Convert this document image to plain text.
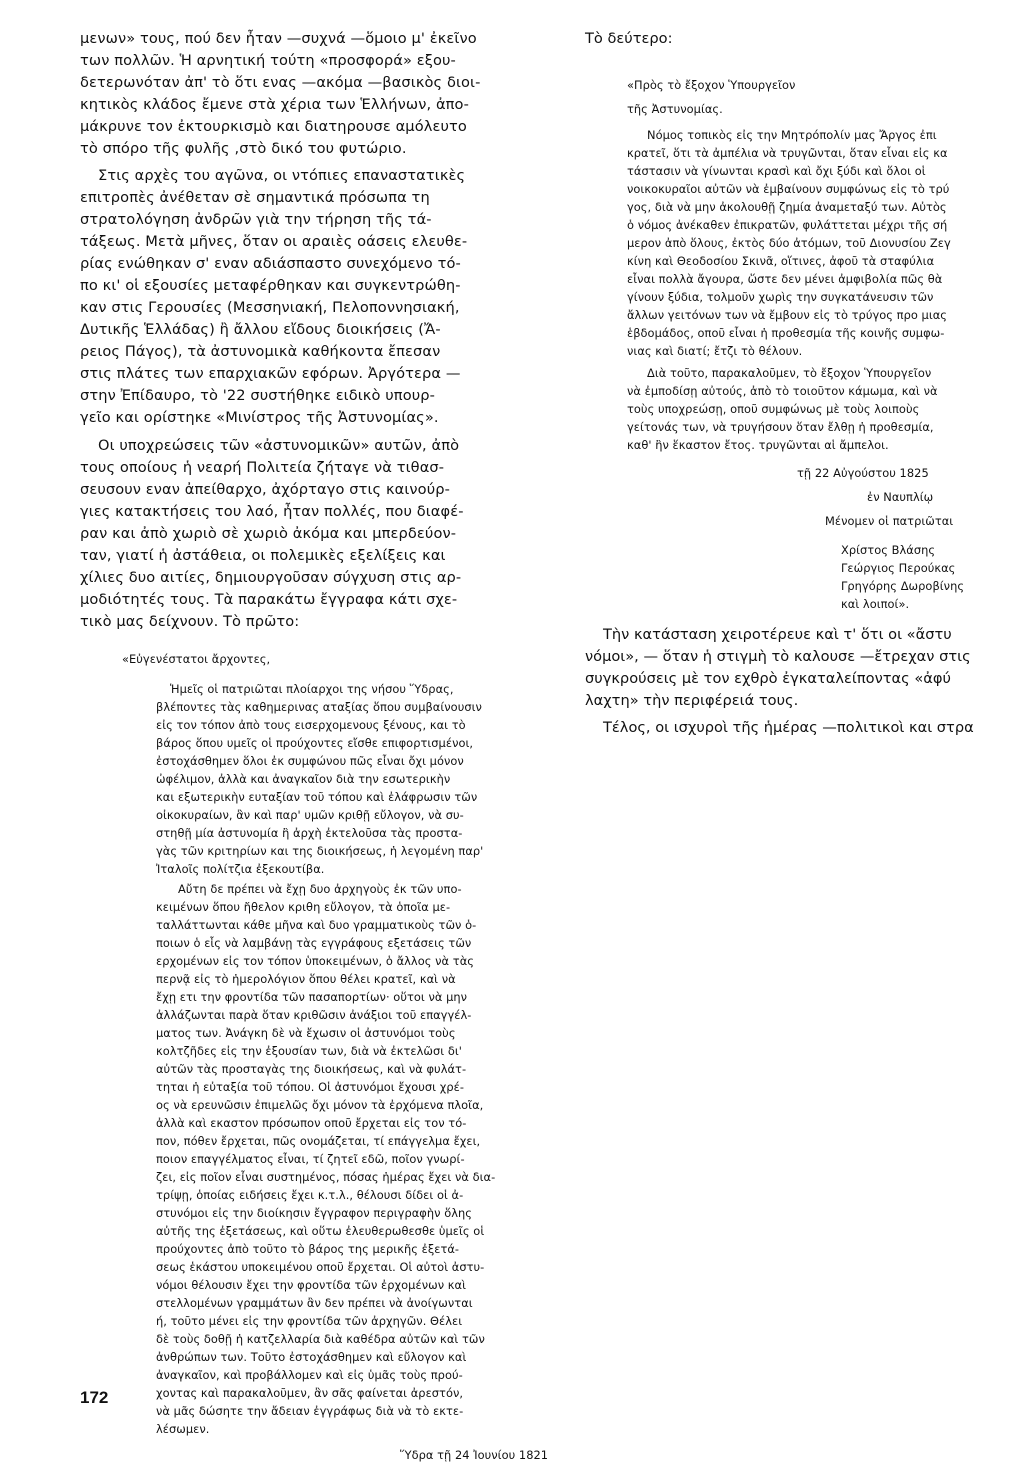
μενων» τους, πού δεν ἦταν —συχνά —ὅμοιο μ' ἐκεῖνο
των πολλῶν. Ἡ αρνητική τούτη «προσφορά» εξου-
δετερωνόταν ἀπ' τὸ ὅτι ενας —ακόμα —βασικὸς διοι-
κητικὸς κλάδος ἔμενε στὰ χέρια των Ἑλλήνων, ἀπο-
μάκρυνε τον ἐκτουρκισμὸ και διατηρουσε αμόλευτο
τὸ σπόρο τῆς φυλῆς ,στὸ δικό του φυτώριο.
Στις αρχὲς του αγῶνα, οι ντόπιες επαναστατικὲς
επιτροπὲς ἀνέθεταν σὲ σημαντικά πρόσωπα τη
στρατολόγηση ἀνδρῶν γιὰ την τήρηση τῆς τά-
τάξεως. Μετὰ μῆνες, ὅταν οι αραιὲς οάσεις ελευθε-
ρίας ενώθηκαν σ' εναν αδιάσπαστο συνεχόμενο τό-
πο κι' οἱ εξουσίες μεταφέρθηκαν και συγκεντρώθη-
καν στις Γερουσίες (Μεσσηνιακή, Πελοποννησιακή,
Δυτικῆς Ἑλλάδας) ἢ ἄλλου εἴδους διοικήσεις (Ἄ-
ρειος Πάγος), τὰ ἀστυνομικὰ καθήκοντα ἔπεσαν
στις πλάτες των επαρχιακῶν εφόρων. Ἀργότερα —
στην Ἐπίδαυρο, τὸ '22 συστήθηκε ειδικὸ υπουρ-
γεῖο και ορίστηκε «Μινίστρος τῆς Ἀστυνομίας».
Οι υποχρεώσεις τῶν «ἀστυνομικῶν» αυτῶν, ἀπὸ
τους οποίους ἡ νεαρή Πολιτεία ζήταγε νὰ τιθασ-
σευσουν εναν ἀπείθαρχο, ἀχόρταγο στις καινούρ-
γιες κατακτήσεις του λαό, ἦταν πολλές, που διαφέ-
ραν και ἀπὸ χωριὸ σὲ χωριὸ ἀκόμα και μπερδεύον-
ταν, γιατί ἡ ἀστάθεια, οι πολεμικὲς εξελίξεις και
χίλιες δυο αιτίες, δημιουργοῦσαν σύγχυση στις αρ-
μοδιότητές τους. Τὰ παρακάτω ἔγγραφα κάτι σχε-
τικὸ μας δείχνουν. Τὸ πρῶτο:
«Εὐγενέστατοι ἄρχοντες,
Ἡμεῖς οἱ πατριῶται πλοίαρχοι της νήσου Ὕδρας,
βλέποντες τὰς καθημερινας αταξίας ὅπου συμβαίνουσιν
εἰς τον τόπον ἀπὸ τους εισερχομενους ξένους, και τὸ
βάρος ὅπου υμεῖς οἱ προύχοντες εἴσθε επιφορτισμένοι,
ἐστοχάσθημεν ὅλοι ἐκ συμφώνου πῶς εἶναι ὄχι μόνον
ὠφέλιμον, ἀλλὰ και ἀναγκαῖον διὰ την εσωτερικὴν
και εξωτερικὴν ευταξίαν τοῦ τόπου καὶ ἐλάφρωσιν τῶν
οἰκοκυραίων, ἂν καὶ παρ' υμῶν κριθῇ εὔλογον, νὰ συ-
στηθῇ μία ἀστυνομία ἢ ἀρχὴ ἐκτελοῦσα τὰς προστα-
γὰς τῶν κριτηρίων και της διοικήσεως, ἡ λεγομένη παρ'
Ἰταλοῖς πολίτζια ἐξεκουτίβα.
Αὔτη δε πρέπει νὰ ἔχῃ δυο ἀρχηγοὺς ἐκ τῶν υπο-
κειμένων ὅπου ἤθελον κριθη εὔλογον, τὰ ὁποῖα με-
ταλλάττωνται κάθε μῆνα καὶ δυο γραμματικοὺς τῶν ὁ-
ποιων ὁ εἷς νὰ λαμβάνῃ τὰς εγγράφους εξετάσεις τῶν
ερχομένων εἰς τον τόπον ὑποκειμένων, ὁ ἄλλος νὰ τὰς
περνᾷ εἰς τὸ ἡμερολόγιον ὅπου θέλει κρατεῖ, καὶ νὰ
ἔχῃ ετι την φροντίδα τῶν πασαπορτίων· οὕτοι νὰ μην
ἀλλάζωνται παρὰ ὅταν κριθῶσιν ἀνάξιοι τοῦ επαγγέλ-
ματος των. Ἀνάγκη δὲ νὰ ἔχωσιν οἱ ἀστυνόμοι τοὺς
κολτζῆδες εἰς την ἐξουσίαν των, διὰ νὰ ἐκτελῶσι δι'
αὐτῶν τὰς προσταγὰς της διοικήσεως, καὶ νὰ φυλάτ-
τηται ἡ εὐταξία τοῦ τόπου. Οἱ ἀστυνόμοι ἔχουσι χρέ-
ος νὰ ερευνῶσιν ἐπιμελῶς ὄχι μόνον τὰ ἐρχόμενα πλοῖα,
ἀλλὰ καὶ εκαστον πρόσωπον οποῦ ἔρχεται εἰς τον τό-
πον, πόθεν ἔρχεται, πῶς ονομάζεται, τί επάγγελμα ἔχει,
ποιον επαγγέλματος εἶναι, τί ζητεῖ εδῶ, ποῖον γνωρί-
ζει, εἰς ποῖον εἶναι συστημένος, πόσας ἡμέρας ἔχει νὰ δια-
τρίψῃ, ὁποίας ειδήσεις ἔχει κ.τ.λ., θέλουσι δίδει οἱ ἀ-
στυνόμοι εἰς την διοίκησιν ἔγγραφον περιγραφὴν ὅλης
αὐτῆς της ἐξετάσεως, καὶ οὕτω ἐλευθερωθεσθε ὑμεῖς οἱ
προύχοντες ἀπὸ τοῦτο τὸ βάρος της μερικῆς ἐξετά-
σεως ἑκάστου υποκειμένου οποῦ ἔρχεται. Οἱ αὐτοὶ ἀστυ-
νόμοι θέλουσιν ἔχει την φροντίδα τῶν ἐρχομένων καὶ
στελλομένων γραμμάτων ἂν δεν πρέπει νὰ ἀνοίγωνται
ή, τοῦτο μένει εἰς την φροντίδα τῶν ἀρχηγῶν. Θέλει
δὲ τοὺς δοθῇ ἡ κατζελλαρία διὰ καθέδρα αὐτῶν καὶ τῶν
ἀνθρώπων των. Τοῦτο ἐστοχάσθημεν καὶ εὔλογον καὶ
ἀναγκαῖον, καὶ προβάλλομεν καὶ εἰς ὑμᾶς τοὺς πρού-
χοντας καὶ παρακαλοῦμεν, ἂν σᾶς φαίνεται ἀρεστόν,
νὰ μᾶς δώσητε την ἄδειαν ἐγγράφως διὰ νὰ τὸ εκτε-
λέσωμεν.
Ὕδρα τῇ 24 Ἰουνίου 1821
Τὸ δεύτερο:
«Πρὸς τὸ ἔξοχον Ὑπουργεῖον
τῆς Ἀστυνομίας.
Νόμος τοπικὸς εἰς την Μητρόπολίν μας Ἄργος ἐπι
κρατεῖ, ὅτι τὰ ἀμπέλια νὰ τρυγῶνται, ὅταν εἶναι εἰς κα
τάστασιν νὰ γίνωνται κρασὶ καὶ ὄχι ξύδι καὶ ὅλοι οἱ
νοικοκυραῖοι αὐτῶν νὰ ἐμβαίνουν συμφώνως εἰς τὸ τρύ
γος, διὰ νὰ μην ἀκολουθῇ ζημία ἀναμεταξύ των. Αὐτὸς
ὁ νόμος ἀνέκαθεν ἐπικρατῶν, φυλάττεται μέχρι τῆς σή
μερον ἀπὸ ὅλους, ἐκτὸς δύο ἀτόμων, τοῦ Διονυσίου Ζεγ
κίνη καὶ Θεοδοσίου Σκινᾶ, οἵτινες, ἀφοῦ τὰ σταφύλια
εἶναι πολλὰ ἄγουρα, ὥστε δεν μένει ἀμφιβολία πῶς θὰ
γίνουν ξύδια, τολμοῦν χωρὶς την συγκατάνευσιν τῶν
ἄλλων γειτόνων των νὰ ἔμβουν εἰς τὸ τρύγος προ μιας
ἑβδομάδος, οποῦ εἶναι ἡ προθεσμία τῆς κοινῆς συμφω-
νιας καὶ διατί; ἔτζι τὸ θέλουν.
Διὰ τοῦτο, παρακαλοῦμεν, τὸ ἔξοχον Ὑπουργεῖον
νὰ ἐμποδίσῃ αὐτούς, ἀπὸ τὸ τοιοῦτον κάμωμα, καὶ νὰ
τοὺς υποχρεώσῃ, οποῦ συμφώνως μὲ τοὺς λοιποὺς
γείτονάς των, νὰ τρυγήσουν ὅταν ἔλθῃ ἡ προθεσμία,
καθ' ἣν ἕκαστον ἔτος. τρυγῶνται αἱ ἄμπελοι.
τῇ 22 Αὐγούστου 1825
ἐν Ναυπλίῳ
Μένομεν οἱ πατριῶται
Χρίστος Βλάσης
Γεώργιος Περούκας
Γρηγόρης Δωροβίνης
καὶ λοιποί».
Τὴν κατάσταση χειροτέρευε καὶ τ' ὅτι οι «ἄστυ
νόμοι», — ὅταν ἡ στιγμὴ τὸ καλουσε —ἔτρεχαν στις
συγκρούσεις μὲ τον εχθρὸ ἐγκαταλείποντας «ἀφύ
λαχτη» τὴν περιφέρειά τους.
Τέλος, οι ισχυροὶ τῆς ἡμέρας —πολιτικοὶ και στρα
172
